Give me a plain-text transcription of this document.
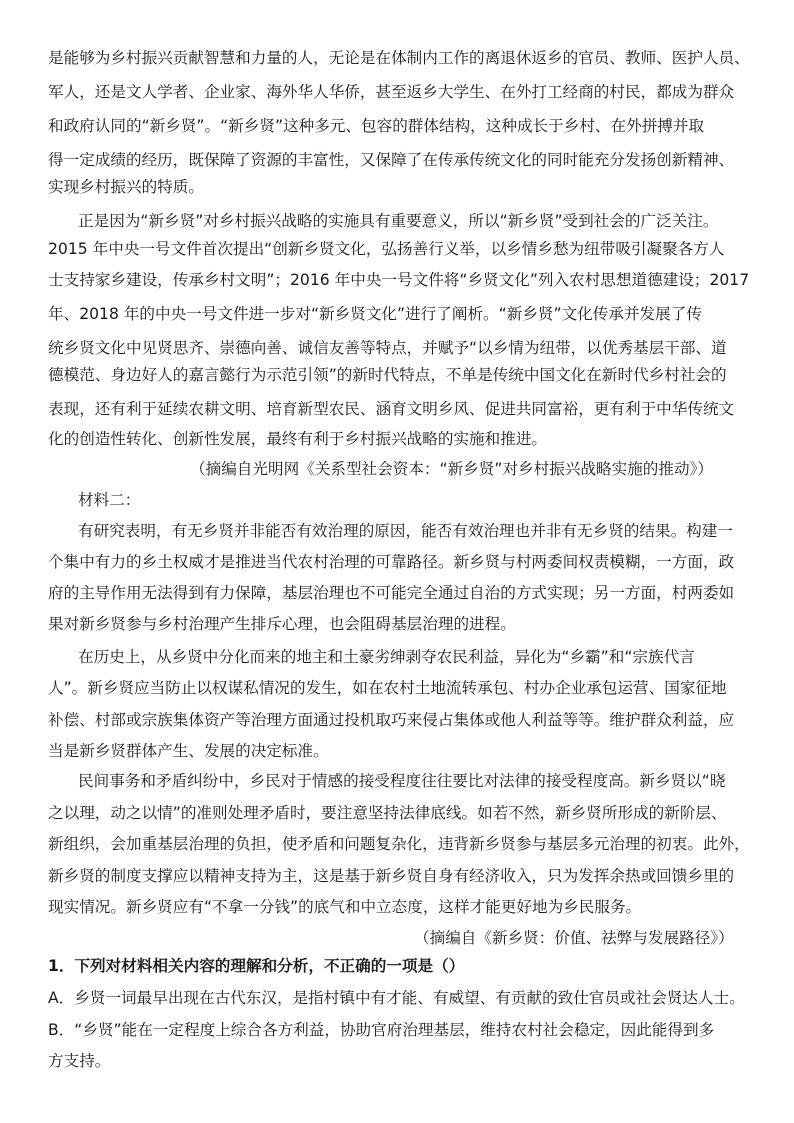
是能够为乡村振兴贡献智慧和力量的人，无论是在体制内工作的离退休返乡的官员、教师、医护人员、

军人，还是文人学者、企业家、海外华人华侨，甚至返乡大学生、在外打工经商的村民，都成为群众

和政府认同的“新乡贤”。“新乡贤”这种多元、包容的群体结构，这种成长于乡村、在外拼搏并取

得一定成绩的经历，既保障了资源的丰富性，又保障了在传承传统文化的同时能充分发扬创新精神、

实现乡村振兴的特质。

正是因为“新乡贤”对乡村振兴战略的实施具有重要意义，所以“新乡贤”受到社会的广泛关注。

2015 年中央一号文件首次提出“创新乡贤文化，弘扬善行义举，以乡情乡愁为纽带吸引凝聚各方人

士支持家乡建设，传承乡村文明”；2016 年中央一号文件将“乡贤文化”列入农村思想道德建设；2017

年、2018 年的中央一号文件进一步对“新乡贤文化”进行了阐析。“新乡贤”文化传承并发展了传

统乡贤文化中见贤思齐、崇德向善、诚信友善等特点，并赋予“以乡情为纽带，以优秀基层干部、道

德模范、身边好人的嘉言懿行为示范引领”的新时代特点，不单是传统中国文化在新时代乡村社会的

表现，还有利于延续农耕文明、培育新型农民、涵育文明乡风、促进共同富裕，更有利于中华传统文

化的创造性转化、创新性发展，最终有利于乡村振兴战略的实施和推进。

（摘编自光明网《关系型社会资本：“新乡贤”对乡村振兴战略实施的推动》）

材料二：

有研究表明，有无乡贤并非能否有效治理的原因，能否有效治理也并非有无乡贤的结果。构建一

个集中有力的乡土权威才是推进当代农村治理的可靠路径。新乡贤与村两委间权责模糊，一方面，政

府的主导作用无法得到有力保障，基层治理也不可能完全通过自治的方式实现；另一方面，村两委如

果对新乡贤参与乡村治理产生排斥心理，也会阻碍基层治理的进程。

在历史上，从乡贤中分化而来的地主和土豪劣绅剥夺农民利益，异化为“乡霸”和“宗族代言

人”。新乡贤应当防止以权谋私情况的发生，如在农村土地流转承包、村办企业承包运营、国家征地

补偿、村部或宗族集体资产等治理方面通过投机取巧来侵占集体或他人利益等等。维护群众利益，应

当是新乡贤群体产生、发展的决定标准。

民间事务和矛盾纠纷中，乡民对于情感的接受程度往往要比对法律的接受程度高。新乡贤以“晓

之以理，动之以情”的准则处理矛盾时，要注意坚持法律底线。如若不然，新乡贤所形成的新阶层、

新组织，会加重基层治理的负担，使矛盾和问题复杂化，违背新乡贤参与基层多元治理的初衷。此外，

新乡贤的制度支撑应以精神支持为主，这是基于新乡贤自身有经济收入，只为发挥余热或回馈乡里的

现实情况。新乡贤应有“不拿一分钱”的底气和中立态度，这样才能更好地为乡民服务。

（摘编自《新乡贤：价值、祛弊与发展路径》）

1．下列对材料相关内容的理解和分析，不正确的一项是（）

A．乡贤一词最早出现在古代东汉，是指村镇中有才能、有威望、有贡献的致仕官员或社会贤达人士。

B．“乡贤”能在一定程度上综合各方利益，协助官府治理基层，维持农村社会稳定，因此能得到多

方支持。
